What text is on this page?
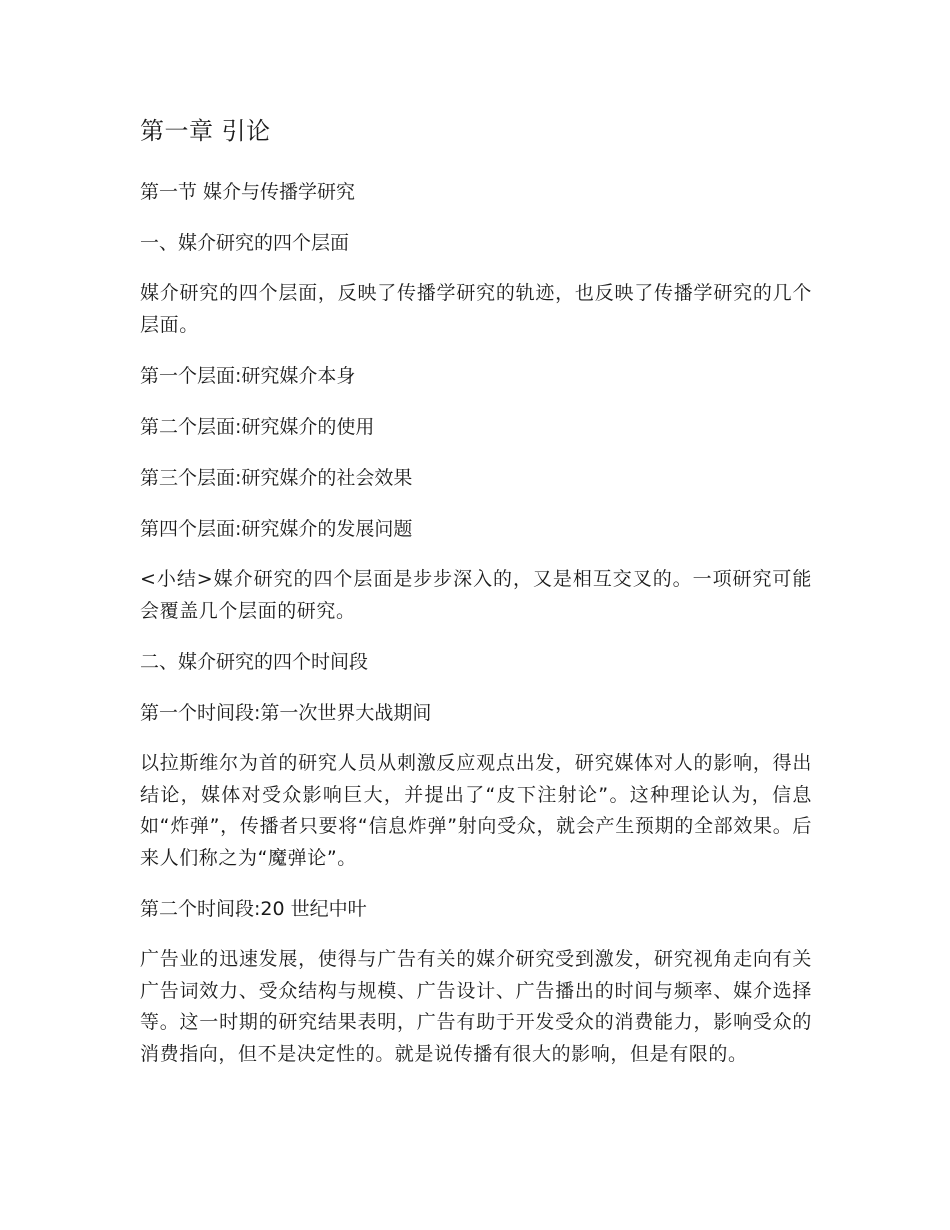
第一章 引论
第一节 媒介与传播学研究
一、媒介研究的四个层面

媒介研究的四个层面，反映了传播学研究的轨迹，也反映了传播学研究的几个层面。

第一个层面:研究媒介本身

第二个层面:研究媒介的使用

第三个层面:研究媒介的社会效果

第四个层面:研究媒介的发展问题

<小结>媒介研究的四个层面是步步深入的，又是相互交叉的。一项研究可能会覆盖几个层面的研究。

二、媒介研究的四个时间段

第一个时间段:第一次世界大战期间

以拉斯维尔为首的研究人员从刺激反应观点出发，研究媒体对人的影响，得出结论，媒体对受众影响巨大，并提出了“皮下注射论”。这种理论认为，信息如“炸弹”，传播者只要将“信息炸弹”射向受众，就会产生预期的全部效果。后来人们称之为“魔弹论”。

第二个时间段:20 世纪中叶

广告业的迅速发展，使得与广告有关的媒介研究受到激发，研究视角走向有关广告词效力、受众结构与规模、广告设计、广告播出的时间与频率、媒介选择等。这一时期的研究结果表明，广告有助于开发受众的消费能力，影响受众的消费指向，但不是决定性的。就是说传播有很大的影响，但是有限的。
